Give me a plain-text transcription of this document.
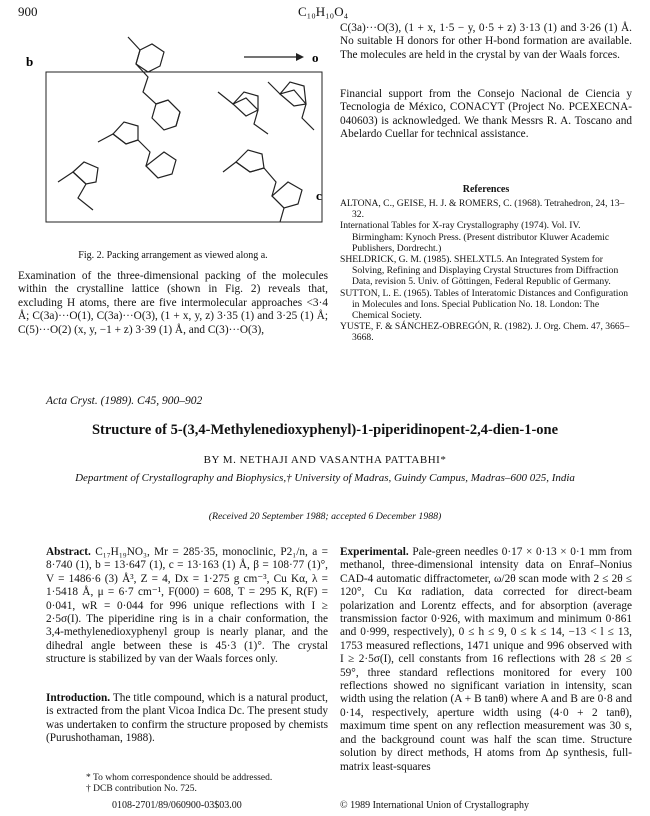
900	C₁₀H₁₀O₄
b	o
c
Fig. 2. Packing arrangement as viewed along a.
Examination of the three-dimensional packing of the molecules within the crystalline lattice (shown in Fig. 2) reveals that, excluding H atoms, there are five intermolecular approaches <3·4 Å; C(3a)···O(1), C(3a)···O(3), (1 + x, y, z) 3·35 (1) and 3·25 (1) Å; C(5)···O(2) (x, y, −1 + z) 3·39 (1) Å, and C(3)···O(3),
C(3a)···O(3), (1 + x, 1·5 − y, 0·5 + z) 3·13 (1) and 3·26 (1) Å. No suitable H donors for other H-bond formation are available. The molecules are held in the crystal by van der Waals forces.
Financial support from the Consejo Nacional de Ciencia y Tecnologia de México, CONACYT (Project No. PCEXECNA-040603) is acknowledged. We thank Messrs R. A. Toscano and Abelardo Cuellar for technical assistance.
References

ALTONA, C., GEISE, H. J. & ROMERS, C. (1968). Tetrahedron, 24, 13–32.

International Tables for X-ray Crystallography (1974). Vol. IV. Birmingham: Kynoch Press. (Present distributor Kluwer Academic Publishers, Dordrecht.)

SHELDRICK, G. M. (1985). SHELXTL5. An Integrated System for Solving, Refining and Displaying Crystal Structures from Diffraction Data, revision 5. Univ. of Göttingen, Federal Republic of Germany.

SUTTON, L. E. (1965). Tables of Interatomic Distances and Configuration in Molecules and Ions. Special Publication No. 18. London: The Chemical Society.

YUSTE, F. & SÁNCHEZ-OBREGÓN, R. (1982). J. Org. Chem. 47, 3665–3668.

Acta Cryst. (1989). C45, 900–902
Structure of 5-(3,4-Methylenedioxyphenyl)-1-piperidinopent-2,4-dien-1-one
BY M. NETHAJI AND VASANTHA PATTABHI*
Department of Crystallography and Biophysics,† University of Madras, Guindy Campus, Madras–600 025, India
(Received 20 September 1988; accepted 6 December 1988)

Abstract. C₁₇H₁₉NO₃, Mr = 285·35, monoclinic, P2₁/n, a = 8·740 (1), b = 13·647 (1), c = 13·163 (1) Å, β = 108·77 (1)°, V = 1486·6 (3) Å³, Z = 4, Dx = 1·275 g cm⁻³, Cu Kα, λ = 1·5418 Å, μ = 6·7 cm⁻¹, F(000) = 608, T = 295 K, R(F) = 0·041, wR = 0·044 for 996 unique reflections with I ≥ 2·5σ(I). The piperidine ring is in a chair conformation, the 3,4-methylenedioxyphenyl group is nearly planar, and the dihedral angle between these is 45·3 (1)°. The crystal structure is stabilized by van der Waals forces only.

Introduction. The title compound, which is a natural product, is extracted from the plant Vicoa Indica Dc. The present study was undertaken to confirm the structure proposed by chemists (Purushothaman, 1988).

* To whom correspondence should be addressed.
† DCB contribution No. 725.

Experimental. Pale-green needles 0·17 × 0·13 × 0·1 mm from methanol, three-dimensional intensity data on Enraf–Nonius CAD-4 automatic diffractometer, ω/2θ scan mode with 2 ≤ 2θ ≤ 120°, Cu Kα radiation, data corrected for direct-beam polarization and Lorentz effects, and for absorption (average transmission factor 0·926, with maximum and minimum 0·861 and 0·999, respectively), 0 ≤ h ≤ 9, 0 ≤ k ≤ 14, −13 < l ≤ 13, 1753 measured reflections, 1471 unique and 996 observed with I ≥ 2·5σ(I), cell constants from 16 reflections with 28 ≤ 2θ ≤ 59°, three standard reflections monitored for every 100 reflections showed no significant variation in intensity, scan width using the relation (A + B tanθ) where A and B are 0·8 and 0·14, respectively, aperture width using (4·0 + 2 tanθ), maximum time spent on any reflection measurement was 30 s, and the background count was half the scan time. Structure solution by direct methods, H atoms from Δρ synthesis, full-matrix least-squares

0108-2701/89/060900-03$03.00	© 1989 International Union of Crystallography
